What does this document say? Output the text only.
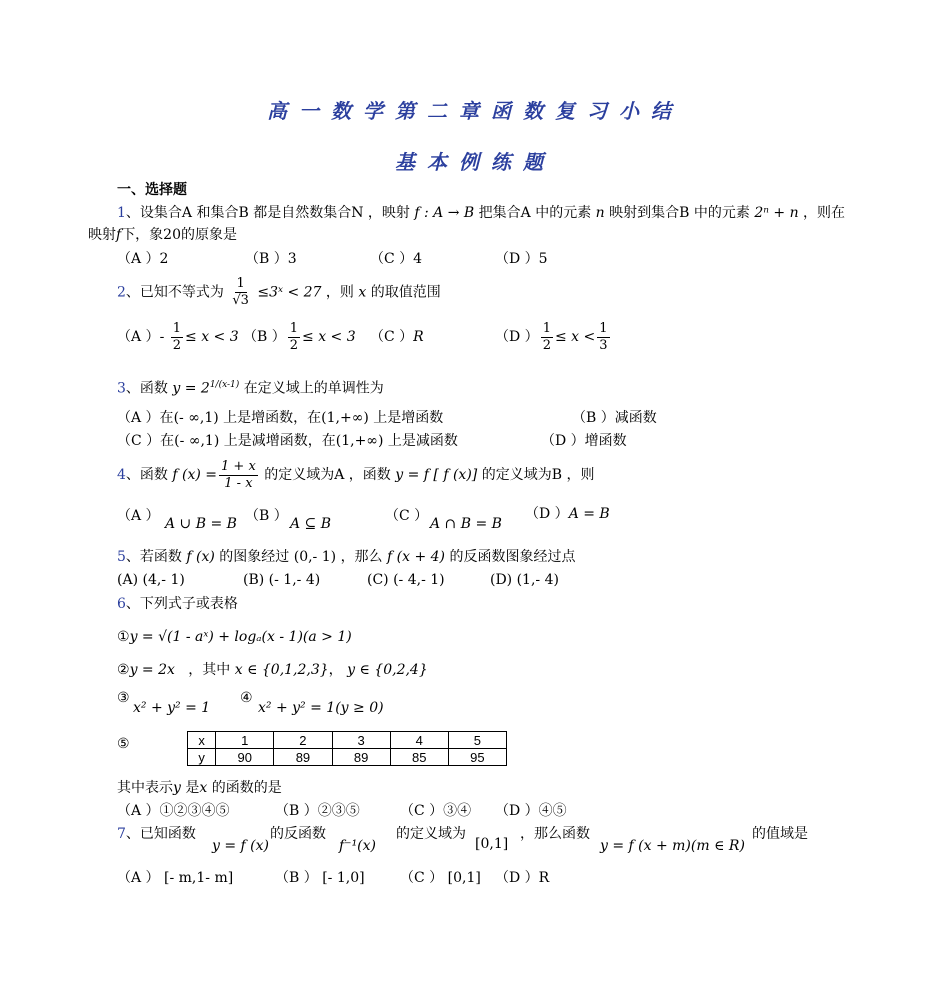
高一数学第二章函数复习小结
基本例练题
一、选择题
1、设集合A 和集合B 都是自然数集合N ，映射 f : A → B 把集合A 中的元素 n 映射到集合B 中的元素 2ⁿ + n ，则在
映射f下，象20的原象是
（A ）2	（B ）3	（C ）4	（D ）5
2、已知不等式为 $\frac{1}{√3}$ ≤3ˣ < 27 ，则 x 的取值范围
（A ）- $\frac{1}{2} \le x < 3$ （B ） $\frac{1}{2} \le x < 3$ （C ）R	（D ） $\frac{1}{2} \le x < \frac{1}{3}$
3、函数 $y = 2^{1/(x-1)}$ 在定义域上的单调性为
（A ）在(- ∞,1) 上是增函数，在(1,+∞) 上是增函数	（B ）减函数
（C ）在(- ∞,1) 上是减增函数，在(1,+∞) 上是减函数	（D ）增函数
4、函数 f $(x) = \frac{1 + x}{1 - x}$ 的定义域为A ，函数 y = f [ f (x)] 的定义域为B ，则
（A ） A ∪ B = B （B ） A ⊆ B	（C ） A ∩ B = B
（D ）A = B
5、若函数 f (x) 的图象经过 (0,- 1) ，那么 f (x + 4) 的反函数图象经过点
(A) (4,- 1)	(B) (- 1,- 4)	(C) (- 4,- 1)	(D) (1,- 4)
6、下列式子或表格
①y = √(1 - aˣ) + logₐ(x - 1)(a > 1)
②y = 2x ，其中 x ∈ {0,1,2,3}， y ∈ {0,2,4}
③
x² + y² = 1
④
x² + y² = 1(y ≥ 0)
⑤	x	1	2	3	4	5
y	90	89	89	85	95
其中表示y 是x 的函数的是
（A ）①②③④⑤	（B ）②③⑤	（C ）③④ （D ）④⑤
7、已知函数
y = f (x)
的反函数
f⁻¹(x)
的定义域为
[0,1]
，那么函数
y = f (x + m)(m ∈ R)
的值域是
（A ） [- m,1- m]	（B ） [- 1,0]	（C ） [0,1] （D ）R
